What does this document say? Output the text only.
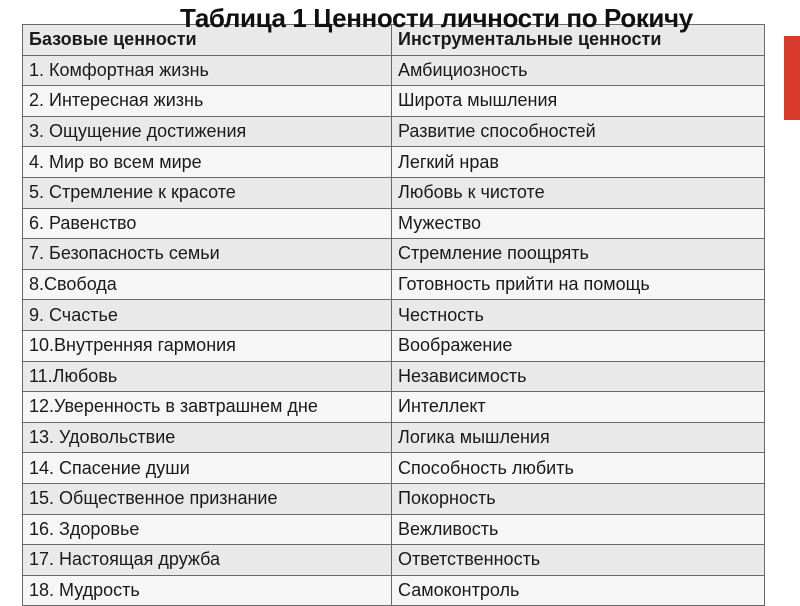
Базовые ценности	Инструментальные ценности
1. Комфортная жизнь	Амбициозность
2. Интересная жизнь	Широта мышления
3. Ощущение достижения	Развитие способностей
4. Мир во всем мире	Легкий нрав
5. Стремление к красоте	Любовь к чистоте
6. Равенство	Мужество
7. Безопасность семьи	Стремление поощрять
8.Свобода	Готовность прийти на помощь
9. Счастье	Честность
10.Внутренняя гармония	Воображение
11.Любовь	Независимость
12.Уверенность в завтрашнем дне	Интеллект
13. Удовольствие	Логика мышления
14. Спасение души	Способность любить
15. Общественное признание	Покорность
16. Здоровье	Вежливость
17. Настоящая дружба	Ответственность
18. Мудрость	Самоконтроль
Таблица 1 Ценности личности по Рокичу
